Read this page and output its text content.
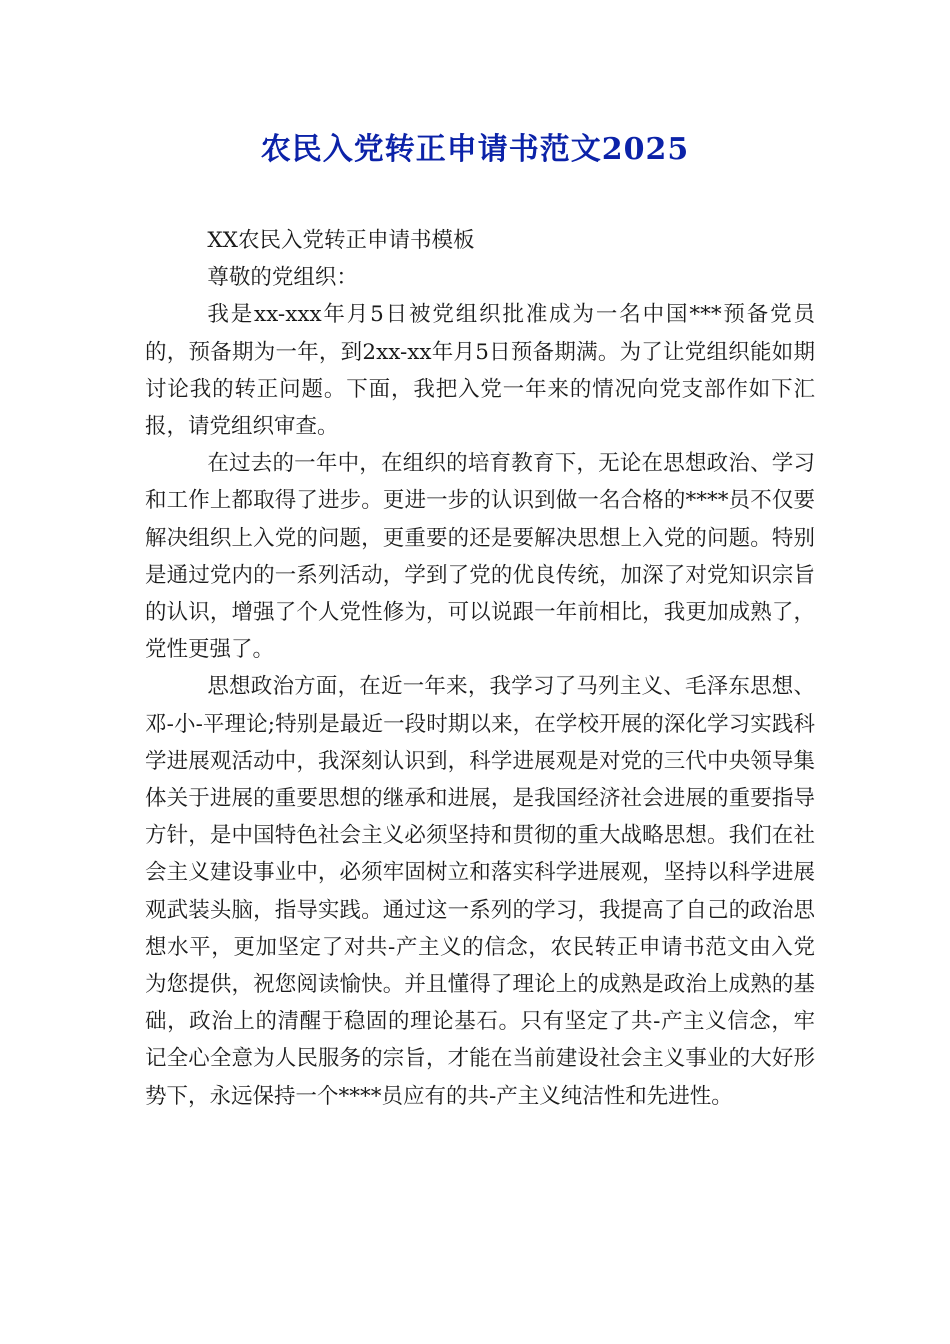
农民入党转正申请书范文2025

XX农民入党转正申请书模板

尊敬的党组织：

我是xx-xxx年月5日被党组织批准成为一名中国***预备党员的，预备期为一年，到2xx-xx年月5日预备期满。为了让党组织能如期讨论我的转正问题。下面，我把入党一年来的情况向党支部作如下汇报，请党组织审查。

在过去的一年中，在组织的培育教育下，无论在思想政治、学习和工作上都取得了进步。更进一步的认识到做一名合格的****员不仅要解决组织上入党的问题，更重要的还是要解决思想上入党的问题。特别是通过党内的一系列活动，学到了党的优良传统，加深了对党知识宗旨的认识，增强了个人党性修为，可以说跟一年前相比，我更加成熟了，党性更强了。

思想政治方面，在近一年来，我学习了马列主义、毛泽东思想、邓-小-平理论;特别是最近一段时期以来，在学校开展的深化学习实践科学进展观活动中，我深刻认识到，科学进展观是对党的三代中央领导集体关于进展的重要思想的继承和进展，是我国经济社会进展的重要指导方针，是中国特色社会主义必须坚持和贯彻的重大战略思想。我们在社会主义建设事业中，必须牢固树立和落实科学进展观，坚持以科学进展观武装头脑，指导实践。通过这一系列的学习，我提高了自己的政治思想水平，更加坚定了对共-产主义的信念，农民转正申请书范文由入党为您提供，祝您阅读愉快。并且懂得了理论上的成熟是政治上成熟的基础，政治上的清醒于稳固的理论基石。只有坚定了共-产主义信念，牢记全心全意为人民服务的宗旨，才能在当前建设社会主义事业的大好形势下，永远保持一个****员应有的共-产主义纯洁性和先进性。
